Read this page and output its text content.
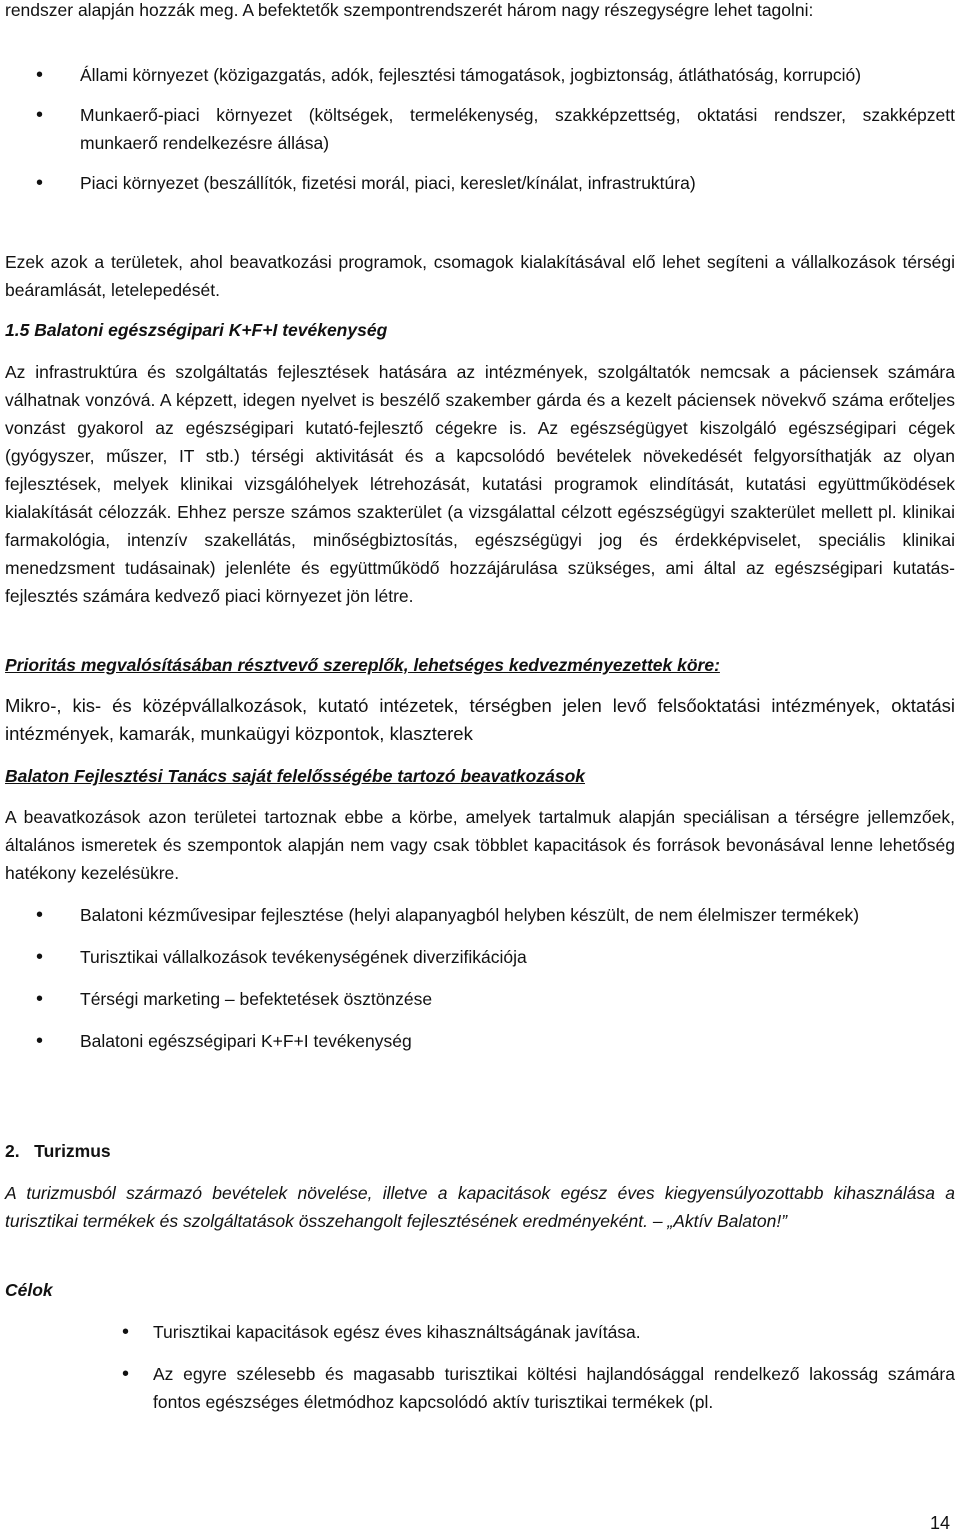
rendszer alapján hozzák meg. A befektetők szempontrendszerét három nagy részegységre lehet tagolni:

• Állami környezet (közigazgatás, adók, fejlesztési támogatások, jogbiztonság, átláthatóság, korrupció)
• Munkaerő-piaci környezet (költségek, termelékenység, szakképzettség, oktatási rendszer, szakképzett munkaerő rendelkezésre állása)
• Piaci környezet (beszállítók, fizetési morál, piaci, kereslet/kínálat, infrastruktúra)

Ezek azok a területek, ahol beavatkozási programok, csomagok kialakításával elő lehet segíteni a vállalkozások térségi beáramlását, letelepedését.

1.5 Balatoni egészségipari K+F+I tevékenység

Az infrastruktúra és szolgáltatás fejlesztések hatására az intézmények, szolgáltatók nemcsak a páciensek számára válhatnak vonzóvá. A képzett, idegen nyelvet is beszélő szakember gárda és a kezelt páciensek növekvő száma erőteljes vonzást gyakorol az egészségipari kutató-fejlesztő cégekre is. Az egészségügyet kiszolgáló egészségipari cégek (gyógyszer, műszer, IT stb.) térségi aktivitását és a kapcsolódó bevételek növekedését felgyorsíthatják az olyan fejlesztések, melyek klinikai vizsgálóhelyek létrehozását, kutatási programok elindítását, kutatási együttműködések kialakítását célozzák. Ehhez persze számos szakterület (a vizsgálattal célzott egészségügyi szakterület mellett pl. klinikai farmakológia, intenzív szakellátás, minőségbiztosítás, egészségügyi jog és érdekképviselet, speciális klinikai menedzsment tudásainak) jelenléte és együttműködő hozzájárulása szükséges, ami által az egészségipari kutatás-fejlesztés számára kedvező piaci környezet jön létre.

Prioritás megvalósításában résztvevő szereplők, lehetséges kedvezményezettek köre:

Mikro-, kis- és középvállalkozások, kutató intézetek, térségben jelen levő felsőoktatási intézmények, oktatási intézmények, kamarák, munkaügyi központok, klaszterek

Balaton Fejlesztési Tanács saját felelősségébe tartozó beavatkozások

A beavatkozások azon területei tartoznak ebbe a körbe, amelyek tartalmuk alapján speciálisan a térségre jellemzőek, általános ismeretek és szempontok alapján nem vagy csak többlet kapacitások és források bevonásával lenne lehetőség hatékony kezelésükre.

• Balatoni kézművesipar fejlesztése (helyi alapanyagból helyben készült, de nem élelmiszer termékek)
• Turisztikai vállalkozások tevékenységének diverzifikációja
• Térségi marketing – befektetések ösztönzése
• Balatoni egészségipari K+F+I tevékenység

2.   Turizmus

A turizmusból származó bevételek növelése, illetve a kapacitások egész éves kiegyensúlyozottabb kihasználása a turisztikai termékek és szolgáltatások összehangolt fejlesztésének eredményeként. – „Aktív Balaton!”

Célok

• Turisztikai kapacitások egész éves kihasználtságának javítása.
• Az egyre szélesebb és magasabb turisztikai költési hajlandósággal rendelkező lakosság számára fontos egészséges életmódhoz kapcsolódó aktív turisztikai termékek (pl.
14
